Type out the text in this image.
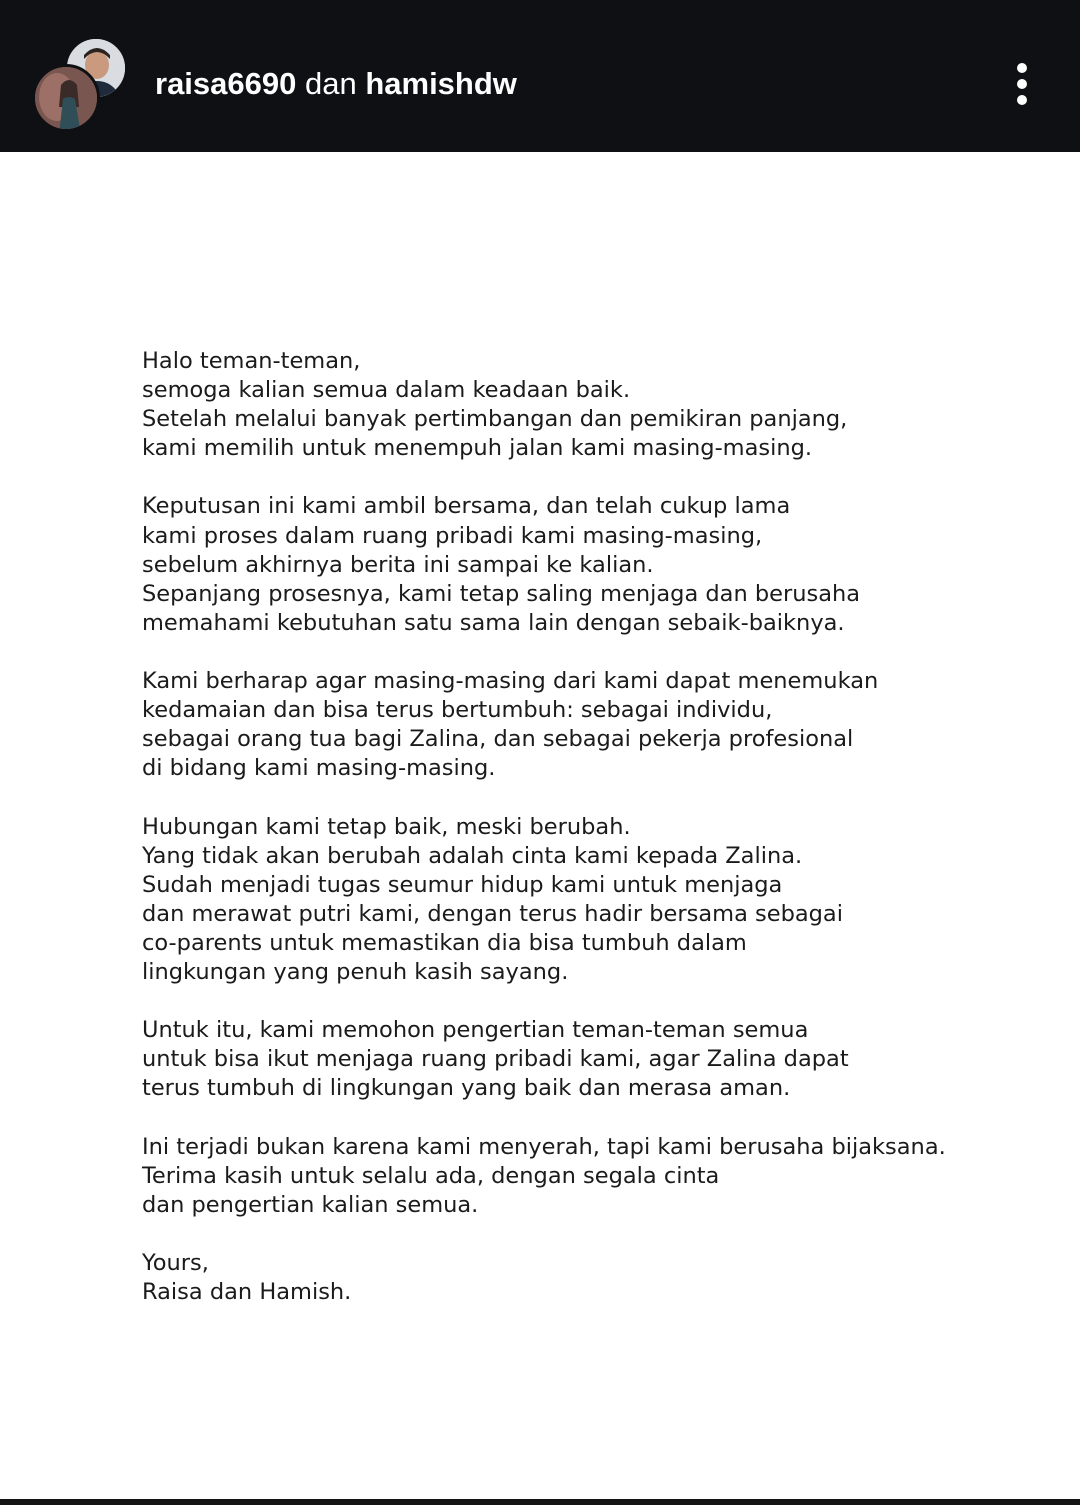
raisa6690 dan hamishdw

Halo teman-teman,
semoga kalian semua dalam keadaan baik.
Setelah melalui banyak pertimbangan dan pemikiran panjang,
kami memilih untuk menempuh jalan kami masing-masing.

Keputusan ini kami ambil bersama, dan telah cukup lama
kami proses dalam ruang pribadi kami masing-masing,
sebelum akhirnya berita ini sampai ke kalian.
Sepanjang prosesnya, kami tetap saling menjaga dan berusaha
memahami kebutuhan satu sama lain dengan sebaik-baiknya.

Kami berharap agar masing-masing dari kami dapat menemukan
kedamaian dan bisa terus bertumbuh: sebagai individu,
sebagai orang tua bagi Zalina, dan sebagai pekerja profesional
di bidang kami masing-masing.

Hubungan kami tetap baik, meski berubah.
Yang tidak akan berubah adalah cinta kami kepada Zalina.
Sudah menjadi tugas seumur hidup kami untuk menjaga
dan merawat putri kami, dengan terus hadir bersama sebagai
co-parents untuk memastikan dia bisa tumbuh dalam
lingkungan yang penuh kasih sayang.

Untuk itu, kami memohon pengertian teman-teman semua
untuk bisa ikut menjaga ruang pribadi kami, agar Zalina dapat
terus tumbuh di lingkungan yang baik dan merasa aman.

Ini terjadi bukan karena kami menyerah, tapi kami berusaha bijaksana.
Terima kasih untuk selalu ada, dengan segala cinta
dan pengertian kalian semua.

Yours,
Raisa dan Hamish.
